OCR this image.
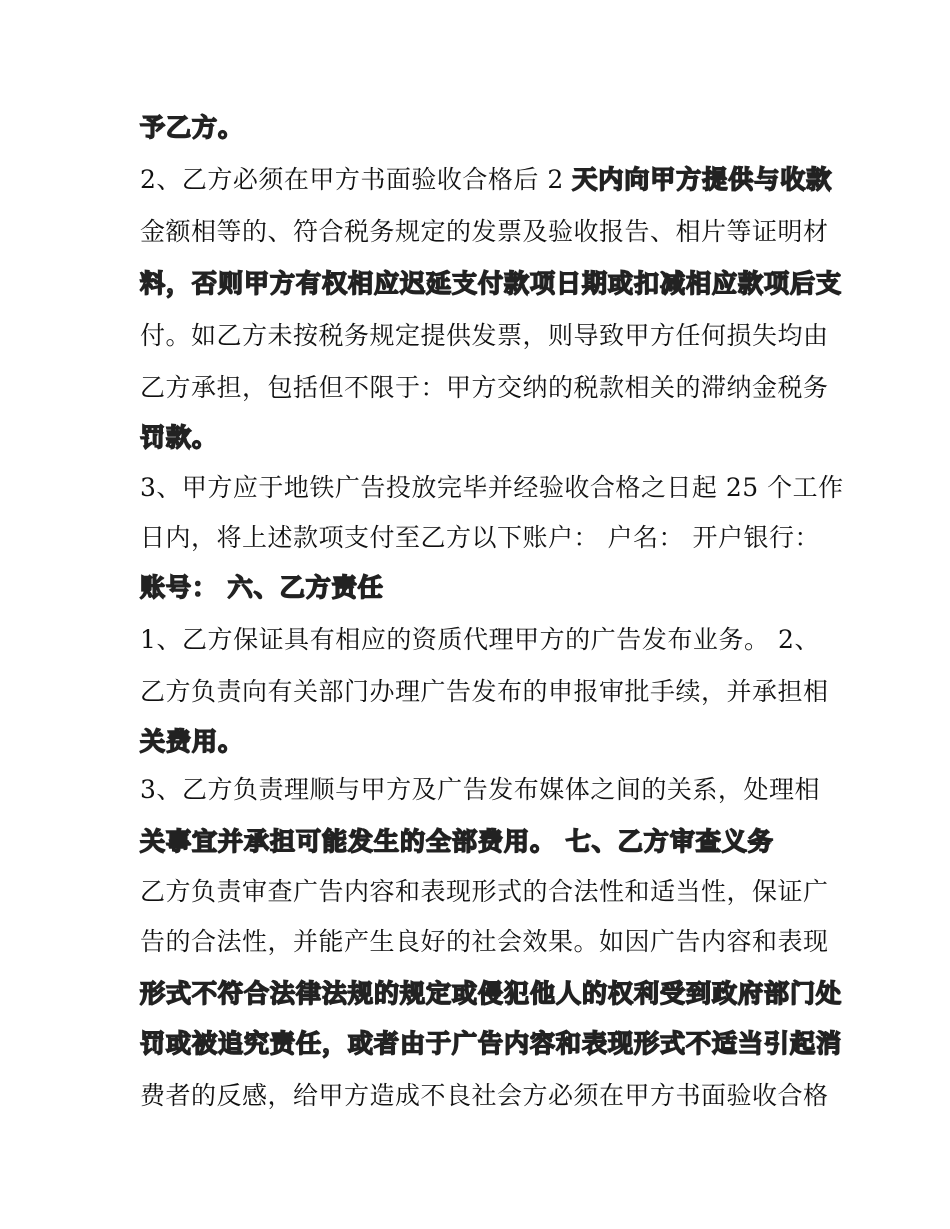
予乙方。
2、乙方必须在甲方书面验收合格后 2 天内向甲方提供与收款
金额相等的、符合税务规定的发票及验收报告、相片等证明材
料，否则甲方有权相应迟延支付款项日期或扣减相应款项后支
付。如乙方未按税务规定提供发票，则导致甲方任何损失均由
乙方承担，包括但不限于：甲方交纳的税款相关的滞纳金税务
罚款。
3、甲方应于地铁广告投放完毕并经验收合格之日起 25 个工作
日内，将上述款项支付至乙方以下账户： 户名： 开户银行：
账号： 六、乙方责任
1、乙方保证具有相应的资质代理甲方的广告发布业务。 2、
乙方负责向有关部门办理广告发布的申报审批手续，并承担相
关费用。
3、乙方负责理顺与甲方及广告发布媒体之间的关系，处理相
关事宜并承担可能发生的全部费用。 七、乙方审查义务
乙方负责审查广告内容和表现形式的合法性和适当性，保证广
告的合法性，并能产生良好的社会效果。如因广告内容和表现
形式不符合法律法规的规定或侵犯他人的权利受到政府部门处
罚或被追究责任，或者由于广告内容和表现形式不适当引起消
费者的反感，给甲方造成不良社会方必须在甲方书面验收合格
